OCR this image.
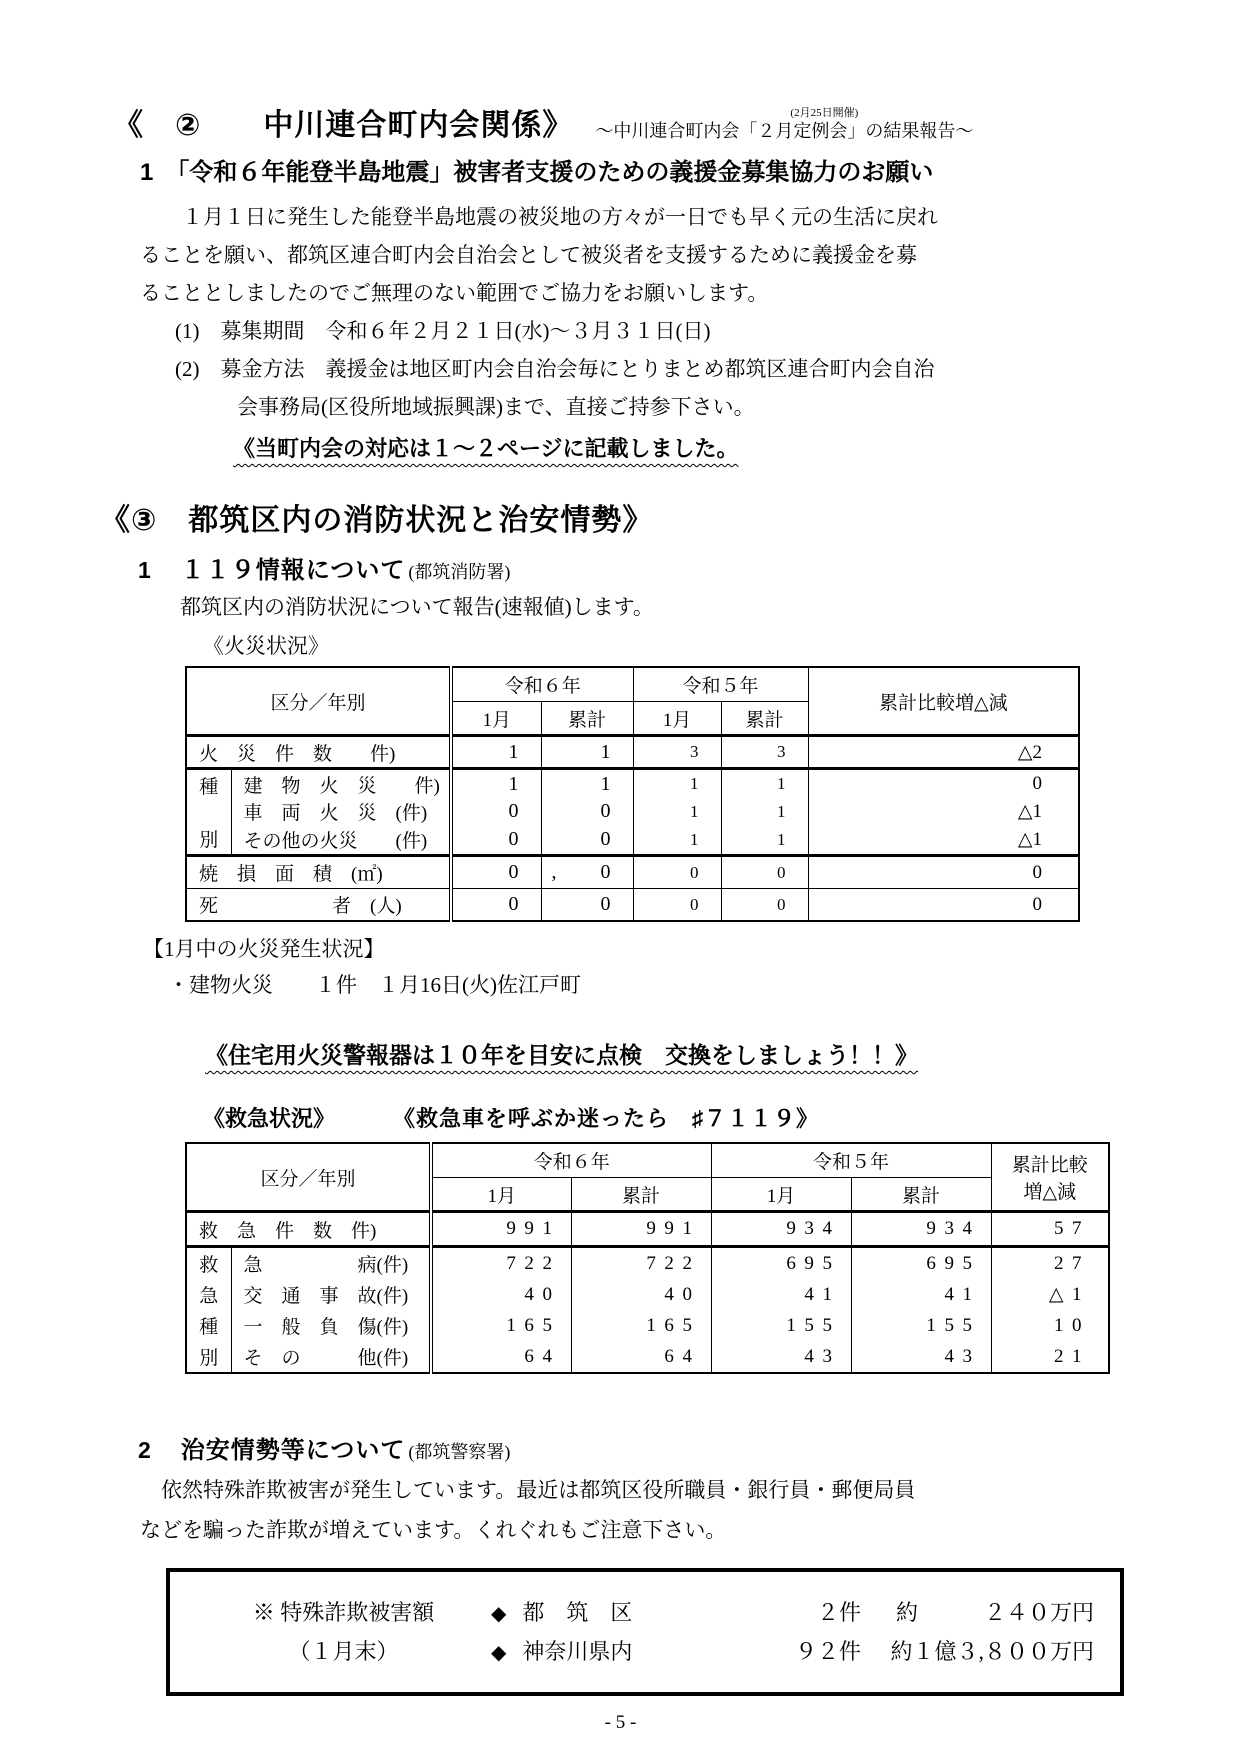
《　②　　中川連合町内会関係》	(2月25日開催)
～中川連合町内会「２月定例会」の結果報告～
1　「令和６年能登半島地震」被害者支援のための義援金募集協力のお願い
１月１日に発生した能登半島地震の被災地の方々が一日でも早く元の生活に戻れ
ることを願い、都筑区連合町内会自治会として被災者を支援するために義援金を募
ることとしましたのでご無理のない範囲でご協力をお願いします。
(1)　募集期間　令和６年２月２１日(水)～３月３１日(日)
(2)　募金方法　義援金は地区町内会自治会毎にとりまとめ都筑区連合町内会自治
会事務局(区役所地域振興課)まで、直接ご持参下さい。
《当町内会の対応は１～２ページに記載しました。
《③　都筑区内の消防状況と治安情勢》
1 １１９情報について (都筑消防署)
都筑区内の消防状況について報告(速報値)します。
《火災状況》
区分／年別		令和６年		令和５年		累計比較増△減
		1月	累計	1月	累計	
火　災　件　数　　件)		1	1	3	3	△2

種
別	建　物　火　災　　件)	1	1	1	1	0
	車　両　火　災　(件)	0	0	1	1	△1
	その他の火災　　(件)	0	0	1	1	△1
焼　損　面　積　(㎡)		0	, 0	0	0	0
死　　　　　　者　(人)		0	0	0	0	0
【1月中の火災発生状況】
・建物火災　　１件　１月16日(火)佐江戸町
《住宅用火災警報器は１０年を目安に点検　交換をしましょう！！》
《救急状況》	《救急車を呼ぶか迷ったら　♯７１１９》
区分／年別		令和６年		令和５年		累計比較
増△減

		1月	累計	1月	累計	
救　急　件　数　件)		991	991	934	934	57
救	急　　　　　病(件)	722	722	695	695	27
急	交　通　事　故(件)	40	40	41	41	△1
種	一　般　負　傷(件)	165	165	155	155	10
別	そ　の　　　他(件)	64	64	43	43	21
2 治安情勢等について (都筑警察署)
依然特殊詐欺被害が発生しています。最近は都筑区役所職員・銀行員・郵便局員
などを騙った詐欺が増えています。くれぐれもご注意下さい。
※ 特殊詐欺被害額	◆ 都　筑　区	２件	約　　　２４０万円
（１月末）	◆ 神奈川県内	９２件	約１億３,８００万円
- 5 -
